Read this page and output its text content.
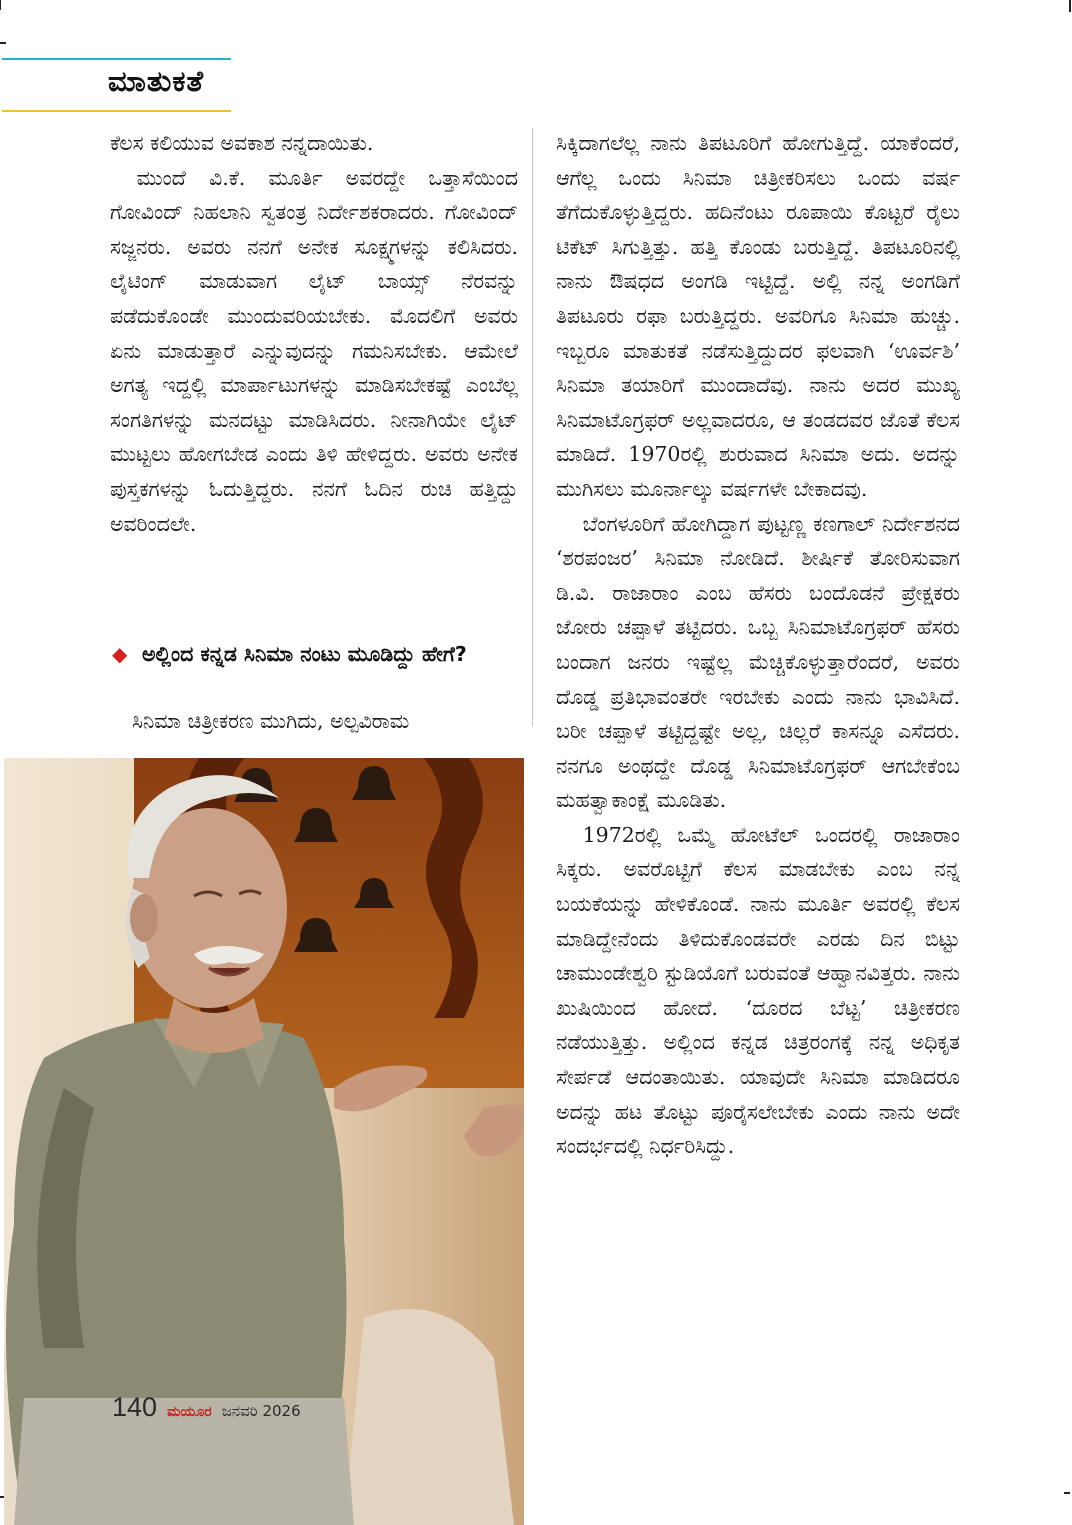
ಮಾತುಕತೆ

ಕೆಲಸ ಕಲಿಯುವ ಅವಕಾಶ ನನ್ನದಾಯಿತು.

ಮುಂದೆ ವಿ.ಕೆ. ಮೂರ್ತಿ ಅವರದ್ದೇ ಒತ್ತಾಸೆಯಿಂದ ಗೋವಿಂದ್ ನಿಹಲಾನಿ ಸ್ವತಂತ್ರ ನಿರ್ದೇಶಕರಾದರು. ಗೋವಿಂದ್ ಸಜ್ಜನರು. ಅವರು ನನಗೆ ಅನೇಕ ಸೂಕ್ಷ್ಮಗಳನ್ನು ಕಲಿಸಿದರು. ಲೈಟಿಂಗ್ ಮಾಡುವಾಗ ಲೈಟ್ ಬಾಯ್ಸ್ ನೆರವನ್ನು ಪಡೆದುಕೊಂಡೇ ಮುಂದುವರಿಯಬೇಕು. ಮೊದಲಿಗೆ ಅವರು ಏನು ಮಾಡುತ್ತಾರೆ ಎನ್ನುವುದನ್ನು ಗಮನಿಸಬೇಕು. ಆಮೇಲೆ ಅಗತ್ಯ ಇದ್ದಲ್ಲಿ ಮಾರ್ಪಾಟುಗಳನ್ನು ಮಾಡಿಸಬೇಕಷ್ಟೆ ಎಂಬೆಲ್ಲ ಸಂಗತಿಗಳನ್ನು ಮನದಟ್ಟು ಮಾಡಿಸಿದರು. ನೀನಾಗಿಯೇ ಲೈಟ್ ಮುಟ್ಟಲು ಹೋಗಬೇಡ ಎಂದು ತಿಳಿ ಹೇಳಿದ್ದರು. ಅವರು ಅನೇಕ ಪುಸ್ತಕಗಳನ್ನು ಓದುತ್ತಿದ್ದರು. ನನಗೆ ಓದಿನ ರುಚಿ ಹತ್ತಿದ್ದು ಅವರಿಂದಲೇ.

◆ ಅಲ್ಲಿಂದ ಕನ್ನಡ ಸಿನಿಮಾ ನಂಟು ಮೂಡಿದ್ದು ಹೇಗೆ?

ಸಿನಿಮಾ ಚಿತ್ರೀಕರಣ ಮುಗಿದು, ಅಲ್ಪವಿರಾಮ

ಸಿಕ್ಕಿದಾಗಲೆಲ್ಲ ನಾನು ತಿಪಟೂರಿಗೆ ಹೋಗುತ್ತಿದ್ದೆ. ಯಾಕೆಂದರೆ, ಆಗೆಲ್ಲ ಒಂದು ಸಿನಿಮಾ ಚಿತ್ರೀಕರಿಸಲು ಒಂದು ವರ್ಷ ತೆಗೆದುಕೊಳ್ಳುತ್ತಿದ್ದರು. ಹದಿನೆಂಟು ರೂಪಾಯಿ ಕೊಟ್ಟರೆ ರೈಲು ಟಿಕೆಟ್ ಸಿಗುತ್ತಿತ್ತು. ಹತ್ತಿ ಕೊಂಡು ಬರುತ್ತಿದ್ದೆ. ತಿಪಟೂರಿನಲ್ಲಿ ನಾನು ಔಷಧದ ಅಂಗಡಿ ಇಟ್ಟಿದ್ದೆ. ಅಲ್ಲಿ ನನ್ನ ಅಂಗಡಿಗೆ ತಿಪಟೂರು ರಫಾ ಬರುತ್ತಿದ್ದರು. ಅವರಿಗೂ ಸಿನಿಮಾ ಹುಚ್ಚು. ಇಬ್ಬರೂ ಮಾತುಕತೆ ನಡೆಸುತ್ತಿದ್ದುದರ ಫಲವಾಗಿ ‘ಊರ್ವಶಿ’ ಸಿನಿಮಾ ತಯಾರಿಗೆ ಮುಂದಾದೆವು. ನಾನು ಅದರ ಮುಖ್ಯ ಸಿನಿಮಾಟೊಗ್ರಫರ್ ಅಲ್ಲವಾದರೂ, ಆ ತಂಡದವರ ಜೊತೆ ಕೆಲಸ ಮಾಡಿದೆ. 1970ರಲ್ಲಿ ಶುರುವಾದ ಸಿನಿಮಾ ಅದು. ಅದನ್ನು ಮುಗಿಸಲು ಮೂರ್ನಾಲ್ಕು ವರ್ಷಗಳೇ ಬೇಕಾದವು.

ಬೆಂಗಳೂರಿಗೆ ಹೋಗಿದ್ದಾಗ ಪುಟ್ಟಣ್ಣ ಕಣಗಾಲ್ ನಿರ್ದೇಶನದ ‘ಶರಪಂಜರ’ ಸಿನಿಮಾ ನೋಡಿದೆ. ಶೀರ್ಷಿಕೆ ತೋರಿಸುವಾಗ ಡಿ.ವಿ. ರಾಜಾರಾಂ ಎಂಬ ಹೆಸರು ಬಂದೊಡನೆ ಪ್ರೇಕ್ಷಕರು ಜೋರು ಚಪ್ಪಾಳೆ ತಟ್ಟಿದರು. ಒಬ್ಬ ಸಿನಿಮಾಟೊಗ್ರಫರ್ ಹೆಸರು ಬಂದಾಗ ಜನರು ಇಷ್ಟೆಲ್ಲ ಮೆಚ್ಚಿಕೊಳ್ಳುತ್ತಾರೆಂದರೆ, ಅವರು ದೊಡ್ಡ ಪ್ರತಿಭಾವಂತರೇ ಇರಬೇಕು ಎಂದು ನಾನು ಭಾವಿಸಿದೆ. ಬರೀ ಚಪ್ಪಾಳೆ ತಟ್ಟಿದ್ದಷ್ಟೇ ಅಲ್ಲ, ಚಿಲ್ಲರೆ ಕಾಸನ್ನೂ ಎಸೆದರು. ನನಗೂ ಅಂಥದ್ದೇ ದೊಡ್ಡ ಸಿನಿಮಾಟೊಗ್ರಫರ್ ಆಗಬೇಕೆಂಬ ಮಹತ್ವಾಕಾಂಕ್ಷೆ ಮೂಡಿತು.

1972ರಲ್ಲಿ ಒಮ್ಮೆ ಹೋಟೆಲ್ ಒಂದರಲ್ಲಿ ರಾಜಾರಾಂ ಸಿಕ್ಕರು. ಅವರೊಟ್ಟಿಗೆ ಕೆಲಸ ಮಾಡಬೇಕು ಎಂಬ ನನ್ನ ಬಯಕೆಯನ್ನು ಹೇಳಿಕೊಂಡೆ. ನಾನು ಮೂರ್ತಿ ಅವರಲ್ಲಿ ಕೆಲಸ ಮಾಡಿದ್ದೇನೆಂದು ತಿಳಿದುಕೊಂಡವರೇ ಎರಡು ದಿನ ಬಿಟ್ಟು ಚಾಮುಂಡೇಶ್ವರಿ ಸ್ಟುಡಿಯೊಗೆ ಬರುವಂತೆ ಆಹ್ವಾನವಿತ್ತರು. ನಾನು ಖುಷಿಯಿಂದ ಹೋದೆ. ‘ದೂರದ ಬೆಟ್ಟ’ ಚಿತ್ರೀಕರಣ ನಡೆಯುತ್ತಿತ್ತು. ಅಲ್ಲಿಂದ ಕನ್ನಡ ಚಿತ್ರರಂಗಕ್ಕೆ ನನ್ನ ಅಧಿಕೃತ ಸೇರ್ಪಡೆ ಆದಂತಾಯಿತು. ಯಾವುದೇ ಸಿನಿಮಾ ಮಾಡಿದರೂ ಅದನ್ನು ಹಟ ತೊಟ್ಟು ಪೂರೈಸಲೇಬೇಕು ಎಂದು ನಾನು ಅದೇ ಸಂದರ್ಭದಲ್ಲಿ ನಿರ್ಧರಿಸಿದ್ದು.

140 ಮಯೂರ ಜನವರಿ 2026
